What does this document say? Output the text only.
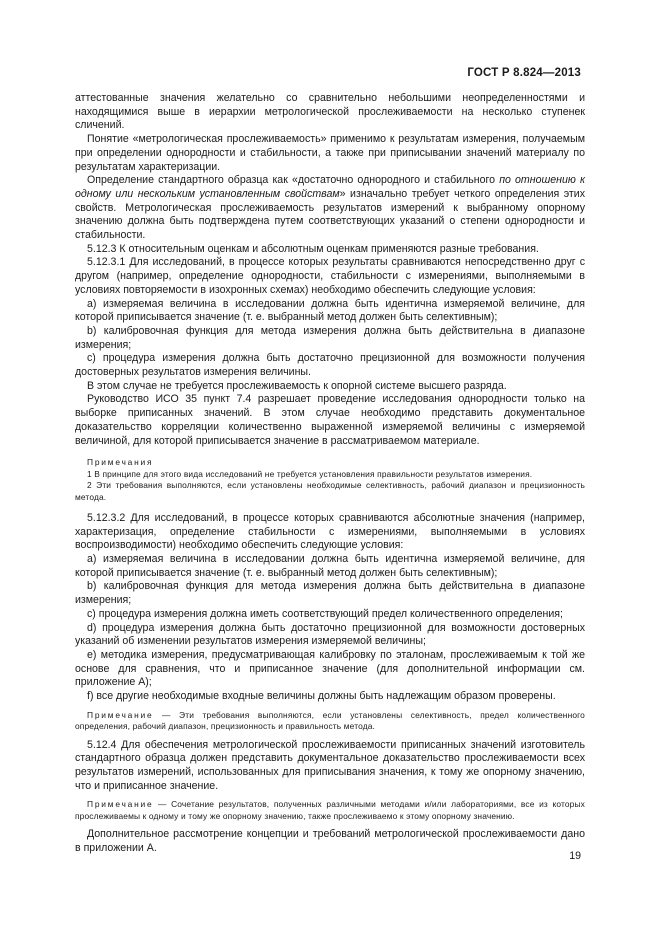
ГОСТ Р 8.824—2013

аттестованные значения желательно со сравнительно небольшими неопределенностями и находящимися выше в иерархии метрологической прослеживаемости на несколько ступенек сличений.

Понятие «метрологическая прослеживаемость» применимо к результатам измерения, получаемым при определении однородности и стабильности, а также при приписывании значений материалу по результатам характеризации.

Определение стандартного образца как «достаточно однородного и стабильного по отношению к одному или нескольким установленным свойствам» изначально требует четкого определения этих свойств. Метрологическая прослеживаемость результатов измерений к выбранному опорному значению должна быть подтверждена путем соответствующих указаний о степени однородности и стабильности.

5.12.3 К относительным оценкам и абсолютным оценкам применяются разные требования.

5.12.3.1 Для исследований, в процессе которых результаты сравниваются непосредственно друг с другом (например, определение однородности, стабильности с измерениями, выполняемыми в условиях повторяемости в изохронных схемах) необходимо обеспечить следующие условия:

а) измеряемая величина в исследовании должна быть идентична измеряемой величине, для которой приписывается значение (т. е. выбранный метод должен быть селективным);

b) калибровочная функция для метода измерения должна быть действительна в диапазоне измерения;

c) процедура измерения должна быть достаточно прецизионной для возможности получения достоверных результатов измерения величины.

В этом случае не требуется прослеживаемость к опорной системе высшего разряда.

Руководство ИСО 35 пункт 7.4 разрешает проведение исследования однородности только на выборке приписанных значений. В этом случае необходимо представить документальное доказательство корреляции количественно выраженной измеряемой величины с измеряемой величиной, для которой приписывается значение в рассматриваемом материале.

Примечания

1 В принципе для этого вида исследований не требуется установления правильности результатов измерения.

2 Эти требования выполняются, если установлены необходимые селективность, рабочий диапазон и прецизионность метода.

5.12.3.2 Для исследований, в процессе которых сравниваются абсолютные значения (например, характеризация, определение стабильности с измерениями, выполняемыми в условиях воспроизводимости) необходимо обеспечить следующие условия:

а) измеряемая величина в исследовании должна быть идентична измеряемой величине, для которой приписывается значение (т. е. выбранный метод должен быть селективным);

b) калибровочная функция для метода измерения должна быть действительна в диапазоне измерения;

c) процедура измерения должна иметь соответствующий предел количественного определения;

d) процедура измерения должна быть достаточно прецизионной для возможности достоверных указаний об изменении результатов измерения измеряемой величины;

e) методика измерения, предусматривающая калибровку по эталонам, прослеживаемым к той же основе для сравнения, что и приписанное значение (для дополнительной информации см. приложение А);

f) все другие необходимые входные величины должны быть надлежащим образом проверены.

Примечание — Эти требования выполняются, если установлены селективность, предел количественного определения, рабочий диапазон, прецизионность и правильность метода.

5.12.4 Для обеспечения метрологической прослеживаемости приписанных значений изготовитель стандартного образца должен представить документальное доказательство прослеживаемости всех результатов измерений, использованных для приписывания значения, к тому же опорному значению, что и приписанное значение.

Примечание — Сочетание результатов, полученных различными методами и/или лабораториями, все из которых прослеживаемы к одному и тому же опорному значению, также прослеживаемо к этому опорному значению.

Дополнительное рассмотрение концепции и требований метрологической прослеживаемости дано в приложении А.

19
